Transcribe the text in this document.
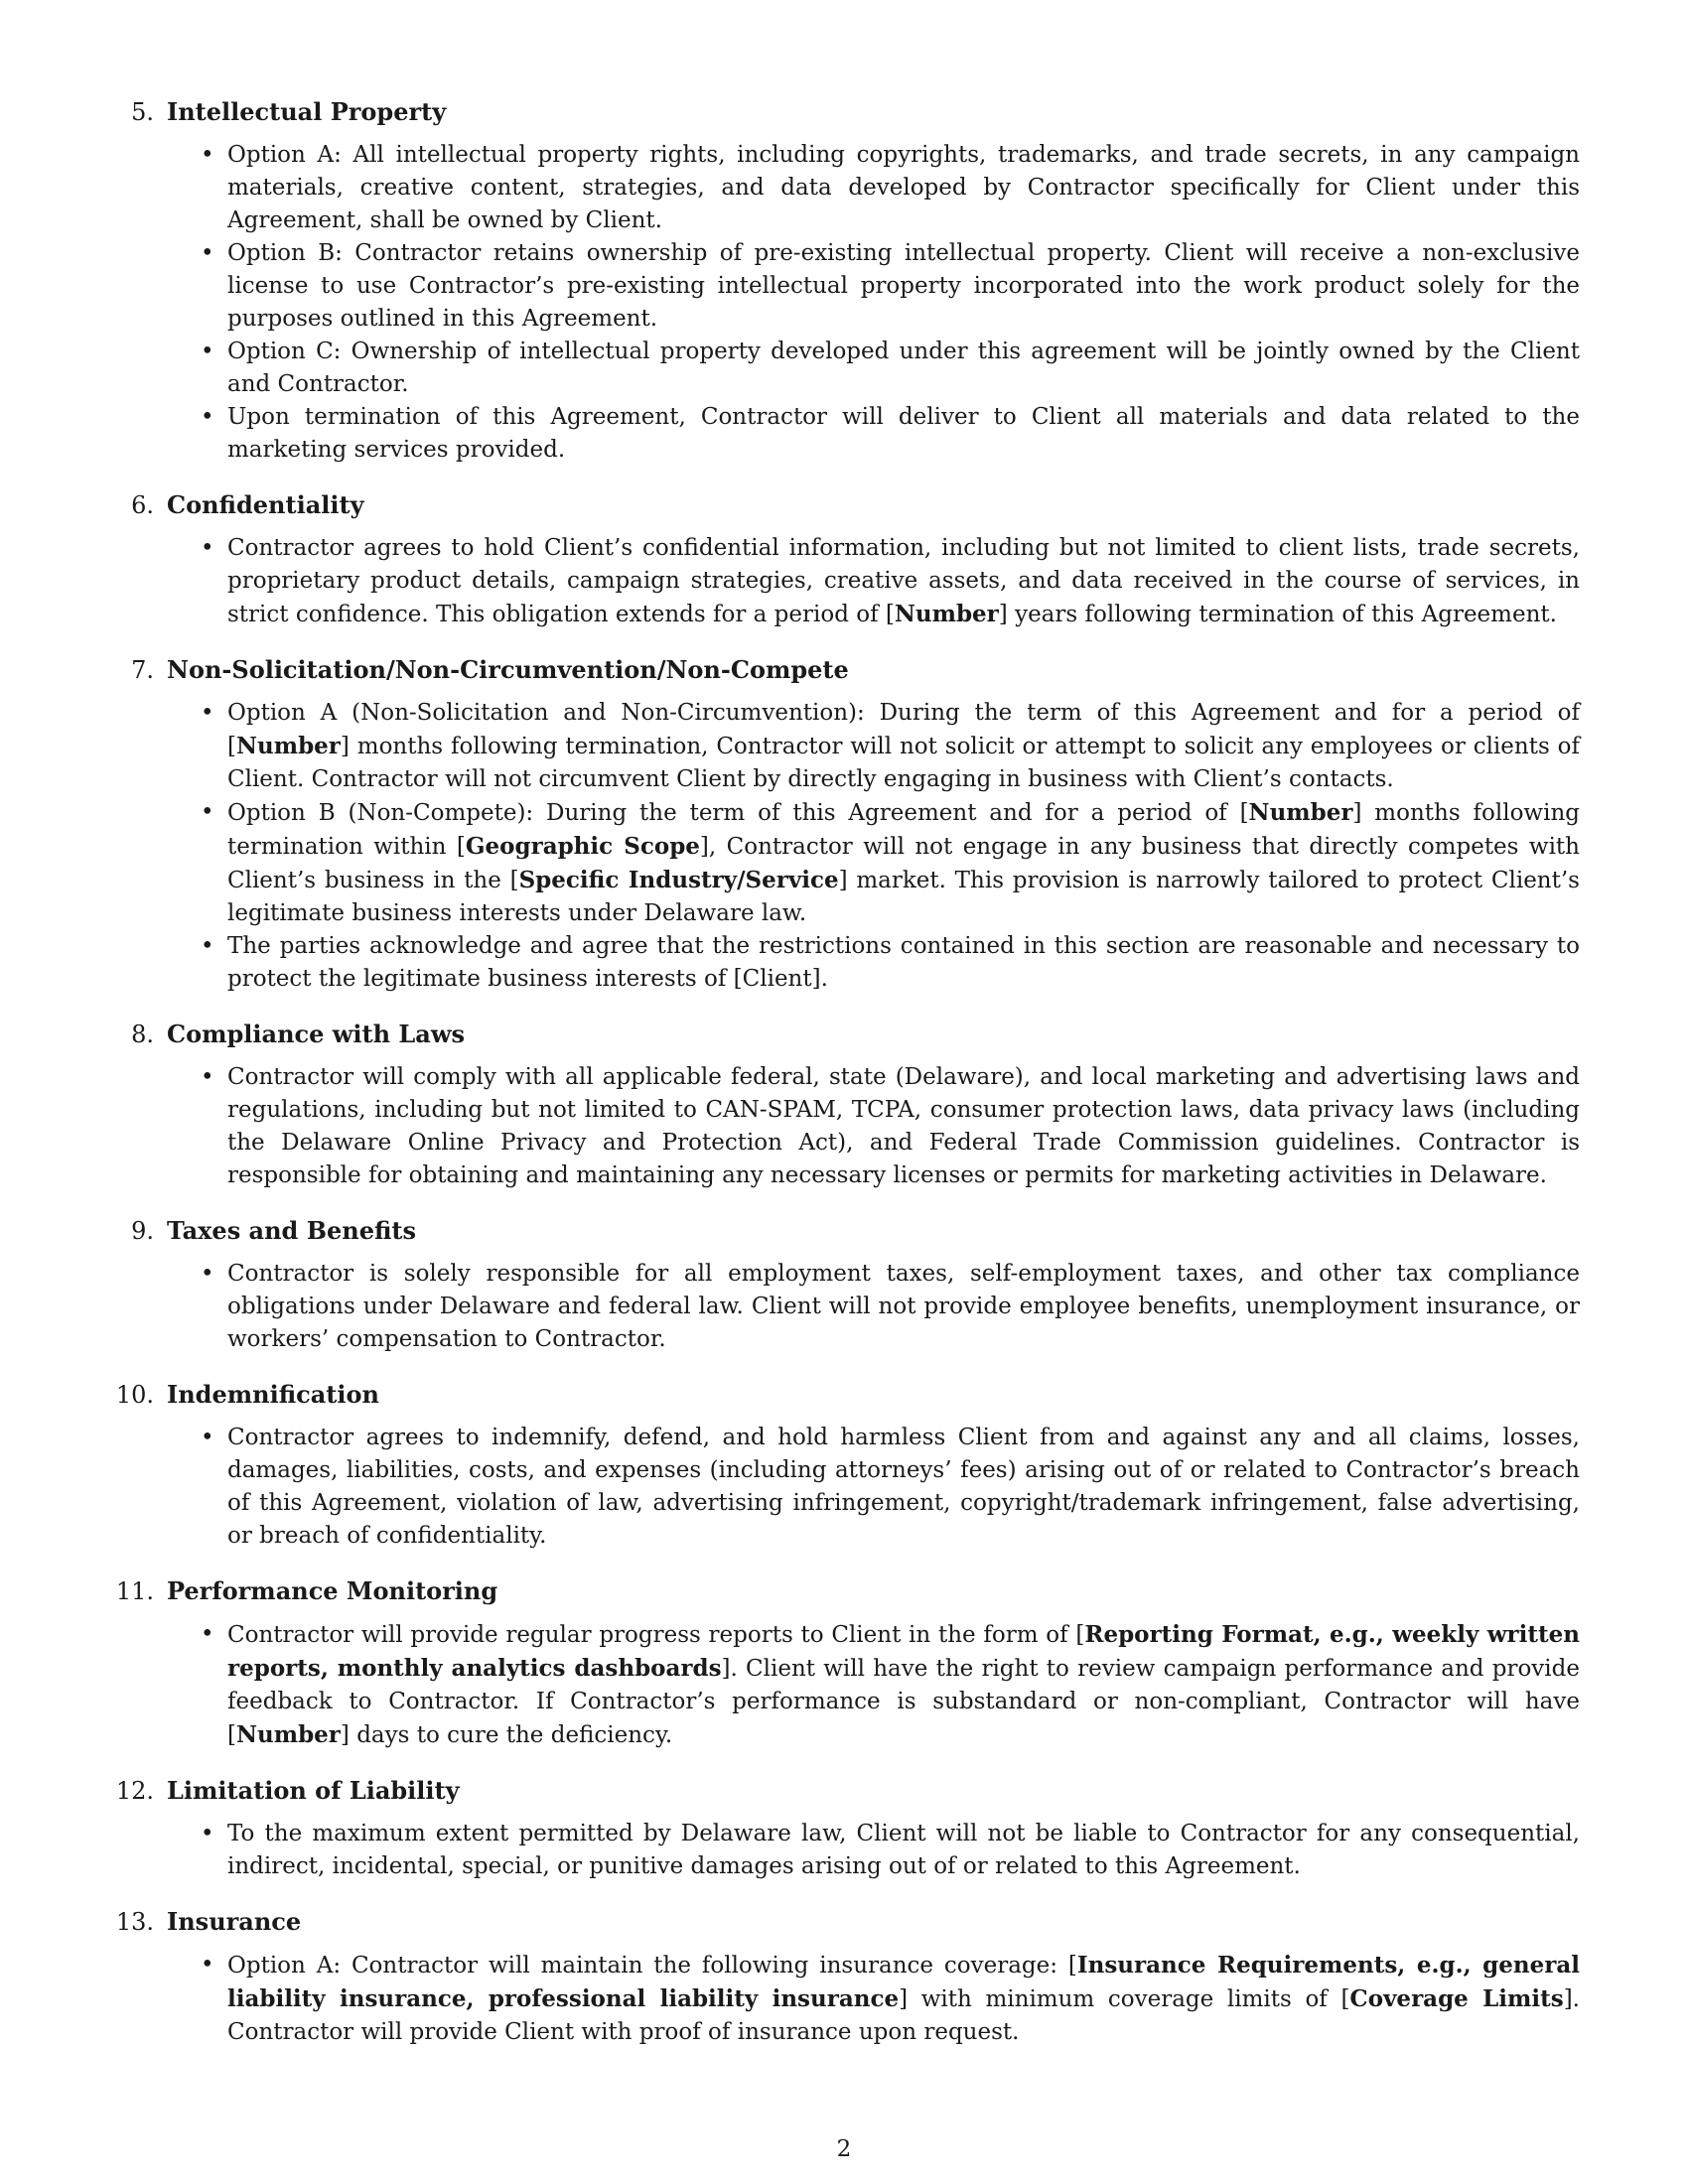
5. Intellectual Property
• Option A: All intellectual property rights, including copyrights, trademarks, and trade secrets, in any campaign materials, creative content, strategies, and data developed by Contractor specifically for Client under this Agreement, shall be owned by Client.
• Option B: Contractor retains ownership of pre-existing intellectual property. Client will receive a non-exclusive license to use Contractor’s pre-existing intellectual property incorporated into the work product solely for the purposes outlined in this Agreement.
• Option C: Ownership of intellectual property developed under this agreement will be jointly owned by the Client and Contractor.
• Upon termination of this Agreement, Contractor will deliver to Client all materials and data related to the marketing services provided.
6. Confidentiality
• Contractor agrees to hold Client’s confidential information, including but not limited to client lists, trade secrets, proprietary product details, campaign strategies, creative assets, and data received in the course of services, in strict confidence. This obligation extends for a period of [Number] years following termination of this Agreement.
7. Non-Solicitation/Non-Circumvention/Non-Compete
• Option A (Non-Solicitation and Non-Circumvention): During the term of this Agreement and for a period of [Number] months following termination, Contractor will not solicit or attempt to solicit any employees or clients of Client. Contractor will not circumvent Client by directly engaging in business with Client’s contacts.
• Option B (Non-Compete): During the term of this Agreement and for a period of [Number] months following termination within [Geographic Scope], Contractor will not engage in any business that directly competes with Client’s business in the [Specific Industry/Service] market. This provision is narrowly tailored to protect Client’s legitimate business interests under Delaware law.
• The parties acknowledge and agree that the restrictions contained in this section are reasonable and necessary to protect the legitimate business interests of [Client].
8. Compliance with Laws
• Contractor will comply with all applicable federal, state (Delaware), and local marketing and advertising laws and regulations, including but not limited to CAN-SPAM, TCPA, consumer protection laws, data privacy laws (including the Delaware Online Privacy and Protection Act), and Federal Trade Commission guidelines. Contractor is responsible for obtaining and maintaining any necessary licenses or permits for marketing activities in Delaware.
9. Taxes and Benefits
• Contractor is solely responsible for all employment taxes, self-employment taxes, and other tax compliance obligations under Delaware and federal law. Client will not provide employee benefits, unemployment insurance, or workers’ compensation to Contractor.
10. Indemnification
• Contractor agrees to indemnify, defend, and hold harmless Client from and against any and all claims, losses, damages, liabilities, costs, and expenses (including attorneys’ fees) arising out of or related to Contractor’s breach of this Agreement, violation of law, advertising infringement, copyright/trademark infringement, false advertising, or breach of confidentiality.
11. Performance Monitoring
• Contractor will provide regular progress reports to Client in the form of [Reporting Format, e.g., weekly written reports, monthly analytics dashboards]. Client will have the right to review campaign performance and provide feedback to Contractor. If Contractor’s performance is substandard or non-compliant, Contractor will have [Number] days to cure the deficiency.
12. Limitation of Liability
• To the maximum extent permitted by Delaware law, Client will not be liable to Contractor for any consequential, indirect, incidental, special, or punitive damages arising out of or related to this Agreement.
13. Insurance
• Option A: Contractor will maintain the following insurance coverage: [Insurance Requirements, e.g., general liability insurance, professional liability insurance] with minimum coverage limits of [Coverage Limits]. Contractor will provide Client with proof of insurance upon request.
2
